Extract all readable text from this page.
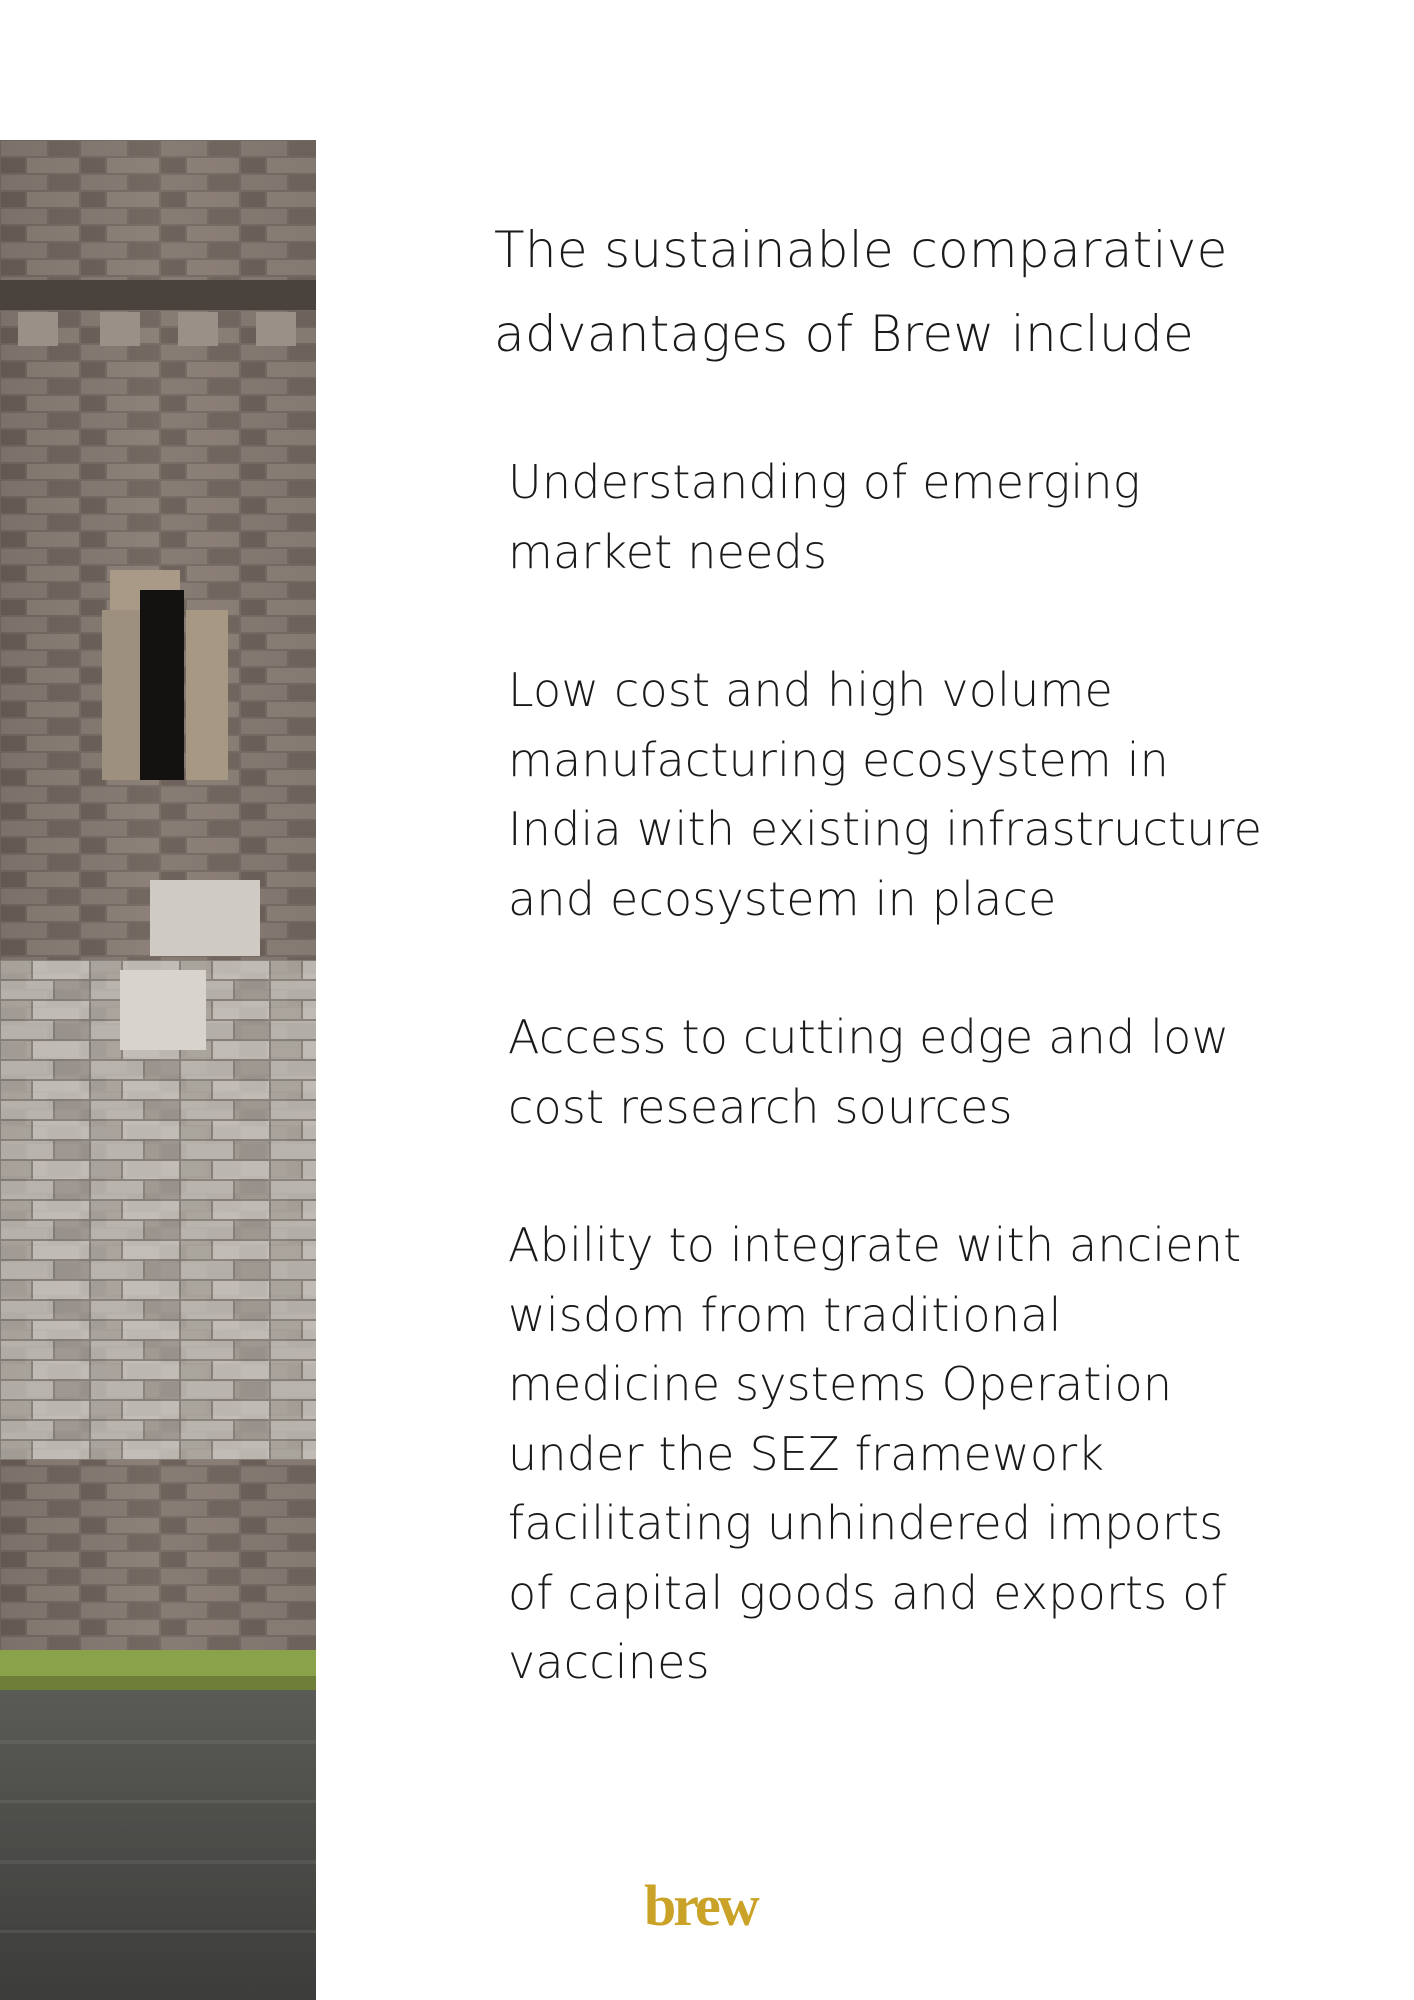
The sustainable comparative
advantages of Brew include
Understanding of emerging
market needs
Low cost and high volume
manufacturing ecosystem in
India with existing infrastructure
and ecosystem in place
Access to cutting edge and low
cost research sources
Ability to integrate with ancient
wisdom from traditional
medicine systems Operation
under the SEZ framework
facilitating unhindered imports
of capital goods and exports of
vaccines
brew
